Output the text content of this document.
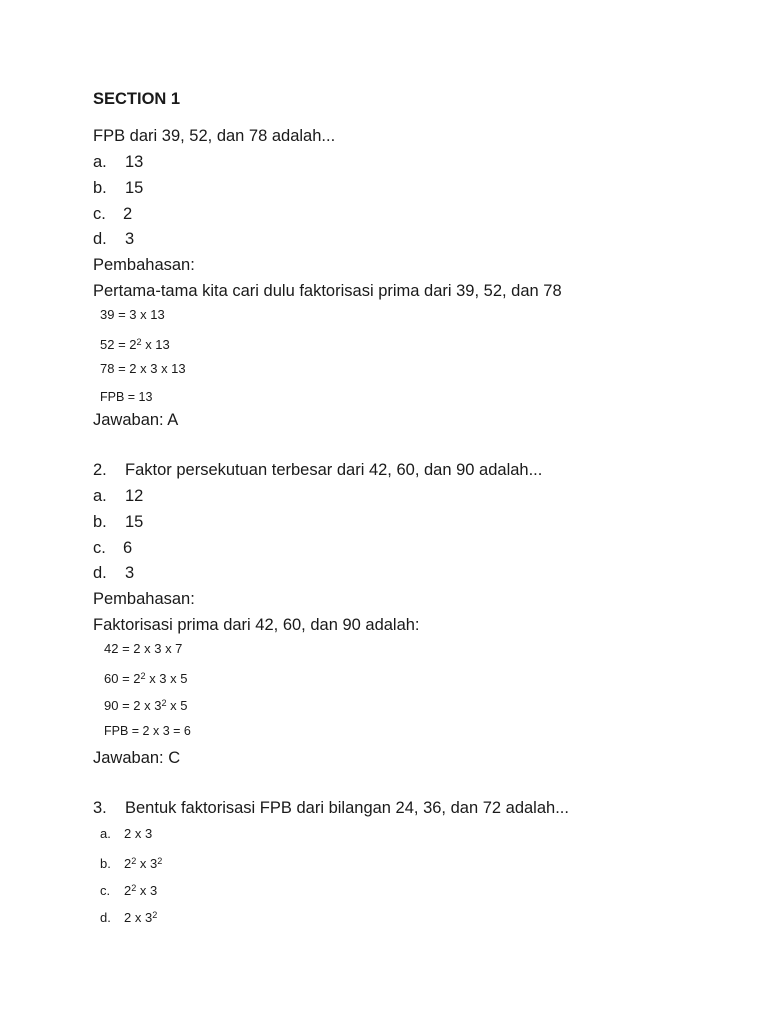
SECTION 1
FPB dari 39, 52, dan 78 adalah...
a. 13
b. 15
c. 2
d. 3
Pembahasan:
Pertama-tama kita cari dulu faktorisasi prima dari 39, 52, dan 78
39 = 3 x 13
$52 = 2^2$ x 13
78 = 2 x 3 x 13
FPB = 13
Jawaban: A
2. Faktor persekutuan terbesar dari 42, 60, dan 90 adalah...
a. 12
b. 15
c. 6
d. 3
Pembahasan:
Faktorisasi prima dari 42, 60, dan 90 adalah:
42 = 2 x 3 x 7
$60 = 2^2$ x 3 x 5
90 = 2 x $3^2$ x 5
FPB = 2 x 3 = 6
Jawaban: C
3. Bentuk faktorisasi FPB dari bilangan 24, 36, dan 72 adalah...
a. 2 x 3
b. $2^2$ x $3^2$
c. $2^2$ x 3
d. 2 x $3^2$
